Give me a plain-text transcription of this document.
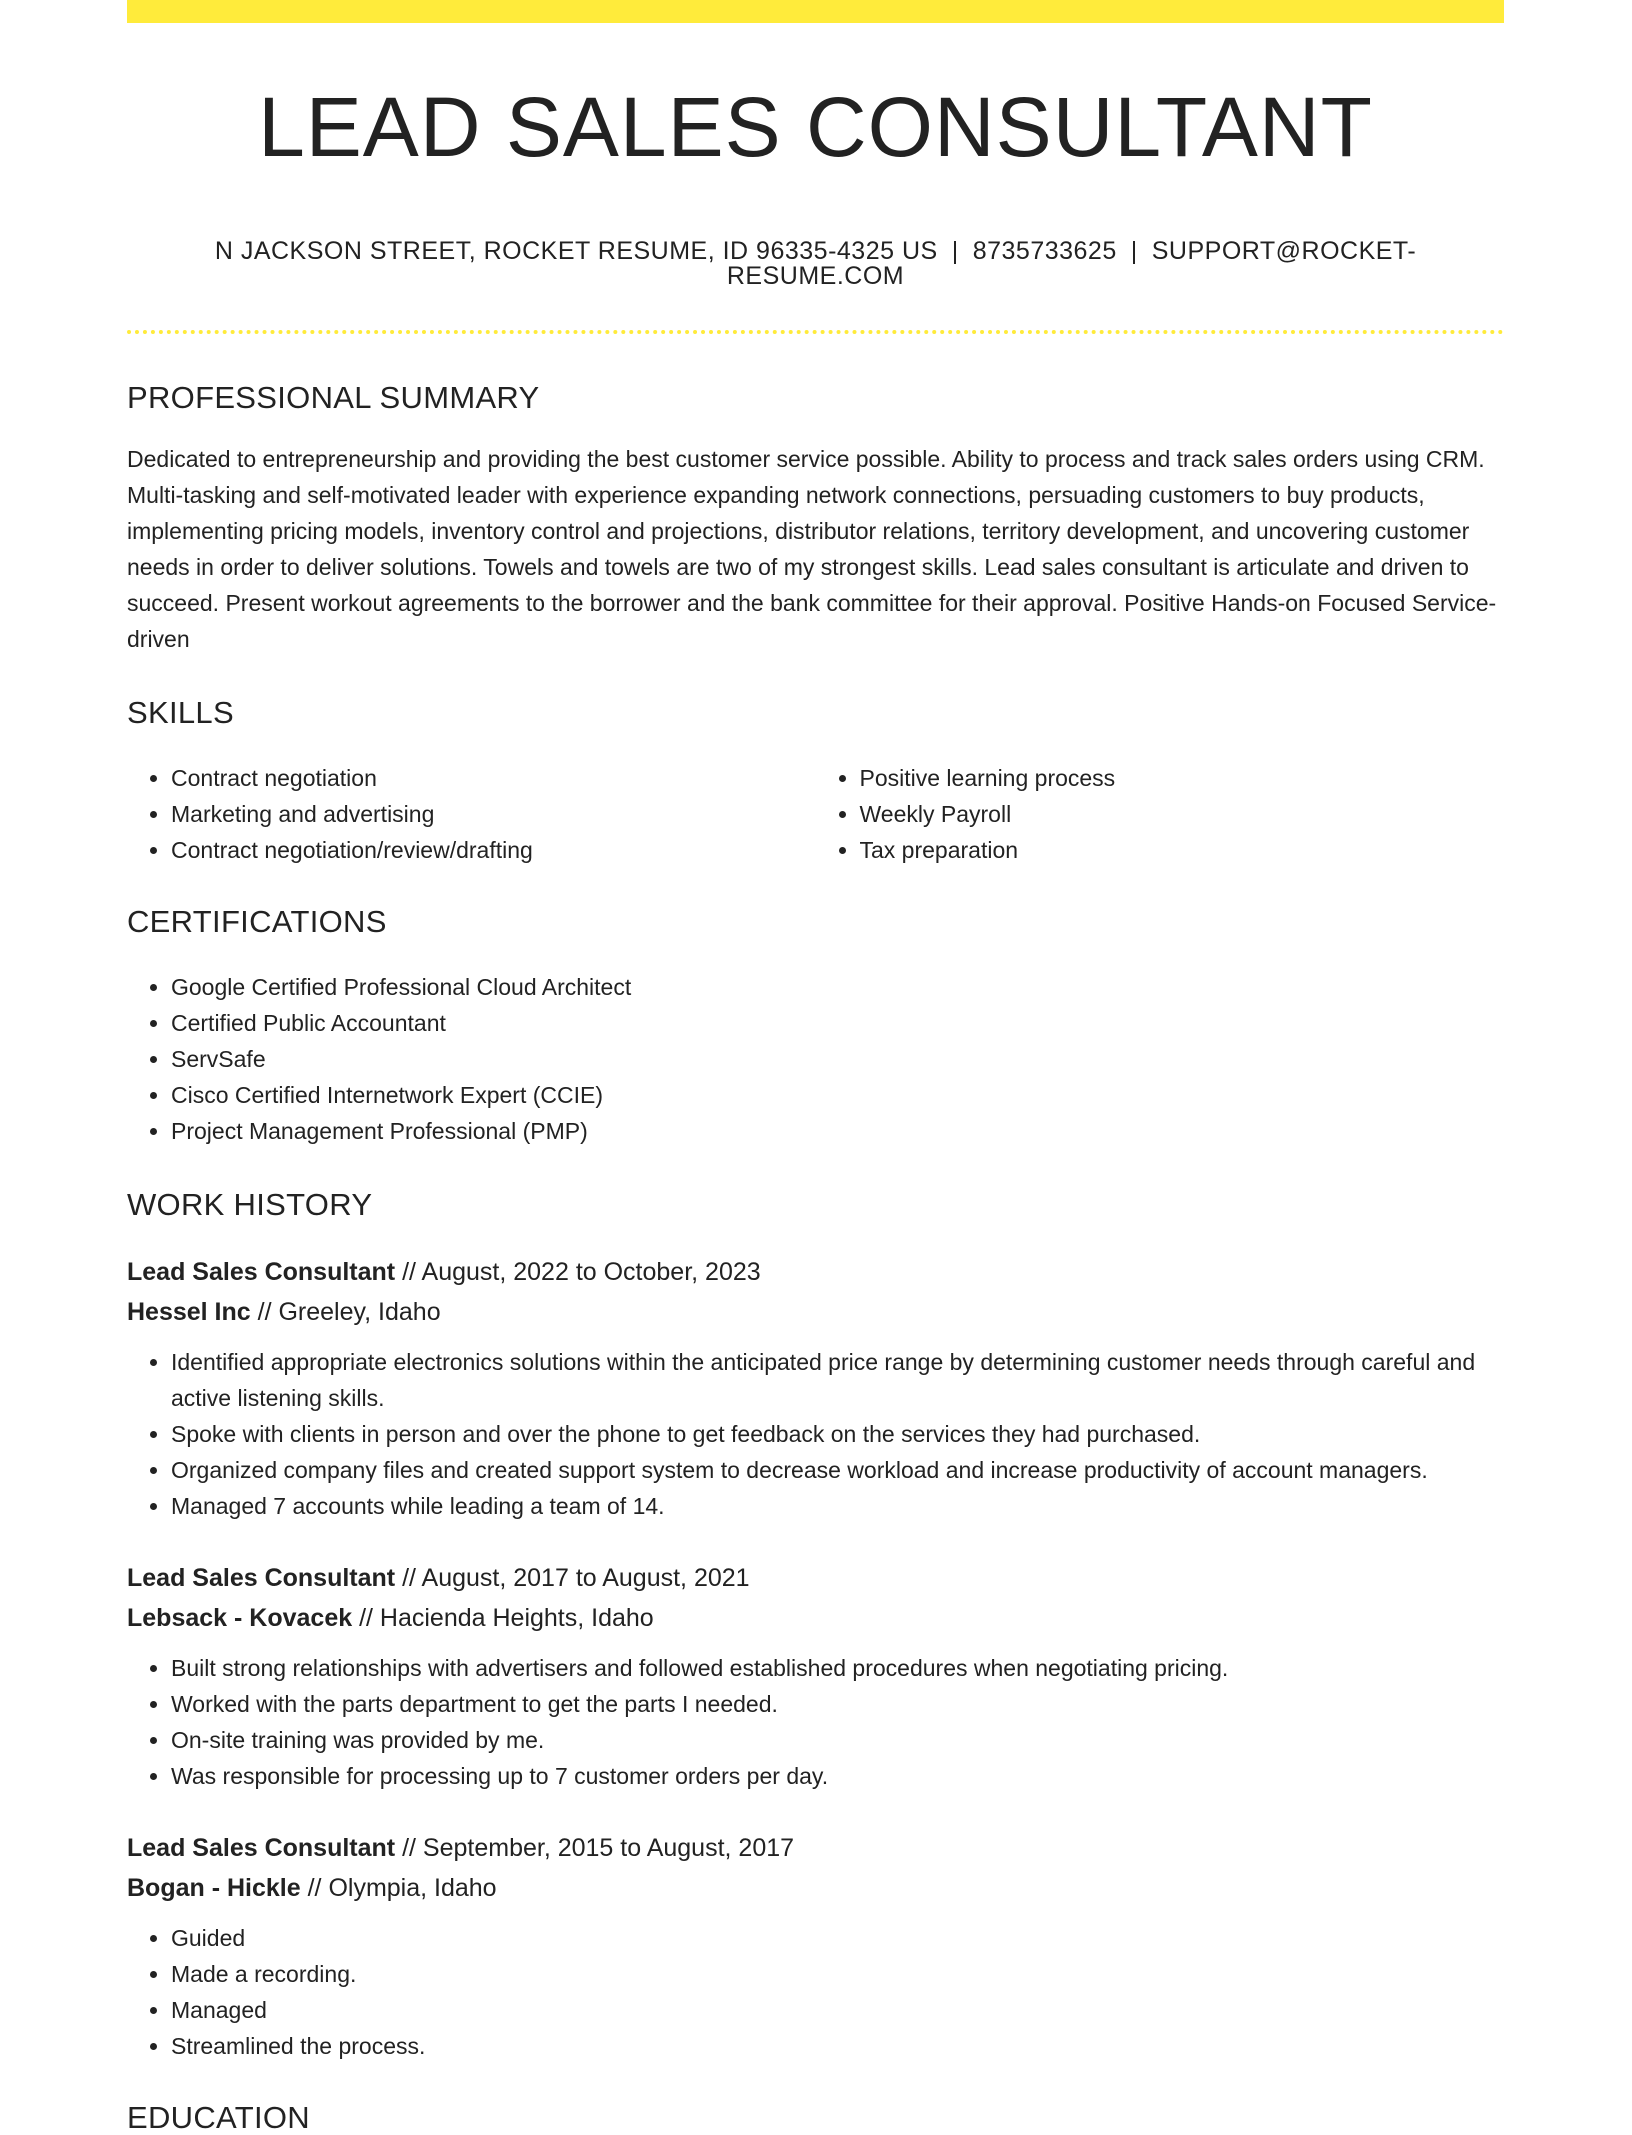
LEAD SALES CONSULTANT
N JACKSON STREET, ROCKET RESUME, ID 96335-4325 US | 8735733625 | SUPPORT@ROCKET-RESUME.COM
PROFESSIONAL SUMMARY

Dedicated to entrepreneurship and providing the best customer service possible. Ability to process and track sales orders using CRM. Multi-tasking and self-motivated leader with experience expanding network connections, persuading customers to buy products, implementing pricing models, inventory control and projections, distributor relations, territory development, and uncovering customer needs in order to deliver solutions. Towels and towels are two of my strongest skills. Lead sales consultant is articulate and driven to succeed. Present workout agreements to the borrower and the bank committee for their approval. Positive Hands-on Focused Service-driven

SKILLS
• Contract negotiation
• Marketing and advertising
• Contract negotiation/review/drafting
• Positive learning process
• Weekly Payroll
• Tax preparation
CERTIFICATIONS
• Google Certified Professional Cloud Architect
• Certified Public Accountant
• ServSafe
• Cisco Certified Internetwork Expert (CCIE)
• Project Management Professional (PMP)
WORK HISTORY
Lead Sales Consultant // August, 2022 to October, 2023
Hessel Inc // Greeley, Idaho
• Identified appropriate electronics solutions within the anticipated price range by determining customer needs through careful and active listening skills.
• Spoke with clients in person and over the phone to get feedback on the services they had purchased.
• Organized company files and created support system to decrease workload and increase productivity of account managers.
• Managed 7 accounts while leading a team of 14.
Lead Sales Consultant // August, 2017 to August, 2021
Lebsack - Kovacek // Hacienda Heights, Idaho
• Built strong relationships with advertisers and followed established procedures when negotiating pricing.
• Worked with the parts department to get the parts I needed.
• On-site training was provided by me.
• Was responsible for processing up to 7 customer orders per day.
Lead Sales Consultant // September, 2015 to August, 2017
Bogan - Hickle // Olympia, Idaho
• Guided
• Made a recording.
• Managed
• Streamlined the process.
EDUCATION
